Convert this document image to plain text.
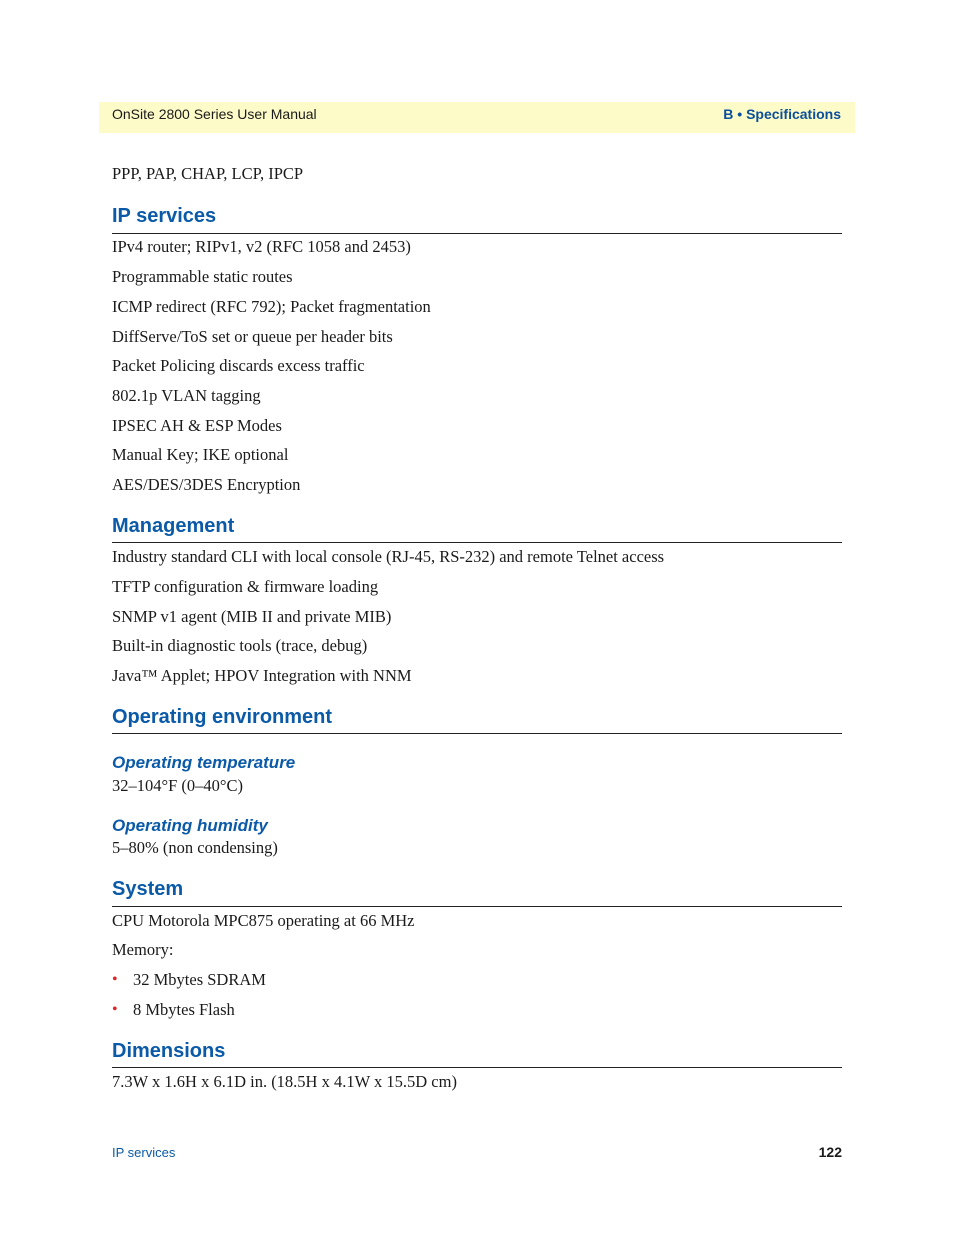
OnSite 2800 Series User Manual	B • Specifications
PPP, PAP, CHAP, LCP, IPCP
IP services
IPv4 router; RIPv1, v2 (RFC 1058 and 2453)
Programmable static routes
ICMP redirect (RFC 792); Packet fragmentation
DiffServe/ToS set or queue per header bits
Packet Policing discards excess traffic
802.1p VLAN tagging
IPSEC AH & ESP Modes
Manual Key; IKE optional
AES/DES/3DES Encryption
Management
Industry standard CLI with local console (RJ-45, RS-232) and remote Telnet access
TFTP configuration & firmware loading
SNMP v1 agent (MIB II and private MIB)
Built-in diagnostic tools (trace, debug)
Java™ Applet; HPOV Integration with NNM
Operating environment
Operating temperature
32–104°F (0–40°C)
Operating humidity
5–80% (non condensing)
System
CPU Motorola MPC875 operating at 66 MHz
Memory:
• 32 Mbytes SDRAM
• 8 Mbytes Flash
Dimensions
7.3W x 1.6H x 6.1D in. (18.5H x 4.1W x 15.5D cm)
IP services	122
